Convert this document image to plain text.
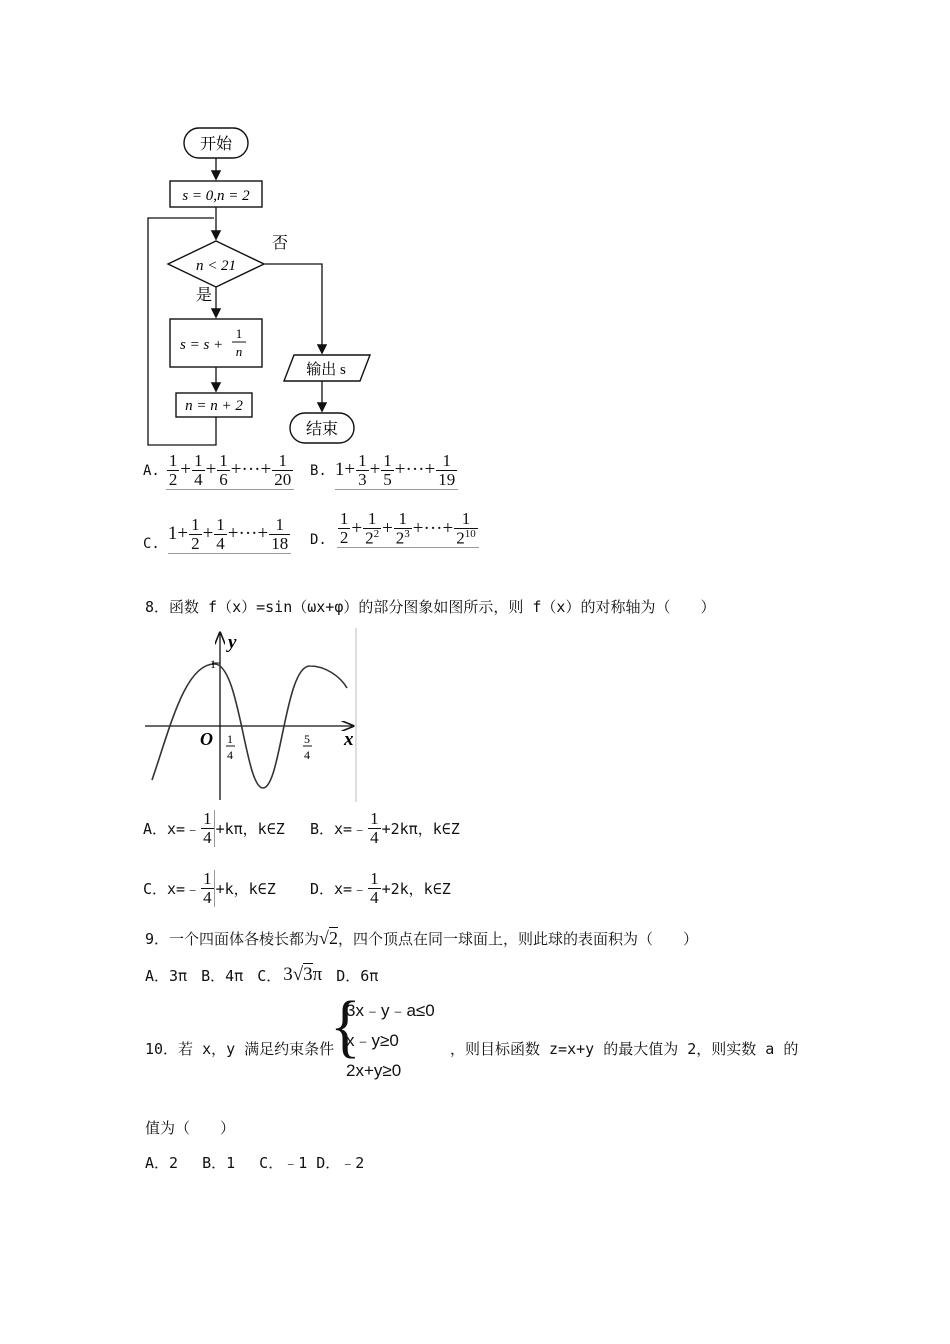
开始
s = 0,n = 2
n < 21
否
是
s = s +
1
n
n = n + 2
输出 s
结束
A. $\frac{1}{2} + \frac{1}{4} + \frac{1}{6}$ +···+ $\frac{1}{20} B$. $1+ \frac{1}{3} + \frac{1}{5}$ +···+ $\frac{1}{19}$
C. $1+ \frac{1}{2} + \frac{1}{4}$ +···+ $\frac{1}{18} D$. $\frac{1}{2} + \frac{1}{2^2} + \frac{1}{2^3}$ +···+ $\frac{1}{2^{10}}$
8．函数 f（x）=sin（ωx+φ）的部分图象如图所示，则 f（x）的对称轴为（　　）
y
x
O
1
1
4
5
4
A．x=﹣ $\frac{1}{4} +k\pi$，k∈Z B．x=﹣ $\frac{1}{4} +2k\pi$，k∈Z
C．x=﹣ $\frac{1}{4} +k$，k∈Z D．x=﹣ $\frac{1}{4} +2k$，k∈Z
9．一个四面体各棱长都为 √2 ，四个顶点在同一球面上，则此球的表面积为（　　）
A．3π B．4π C． 3√3π D．6π
10．若 x，y 满足约束条件
{
3x﹣y﹣a≤0
x﹣y≥0
2x+y≥0
，则目标函数 z=x+y 的最大值为 2，则实数 a 的
值为（　　）
A．2　 B．1　 C．﹣1 D．﹣2
